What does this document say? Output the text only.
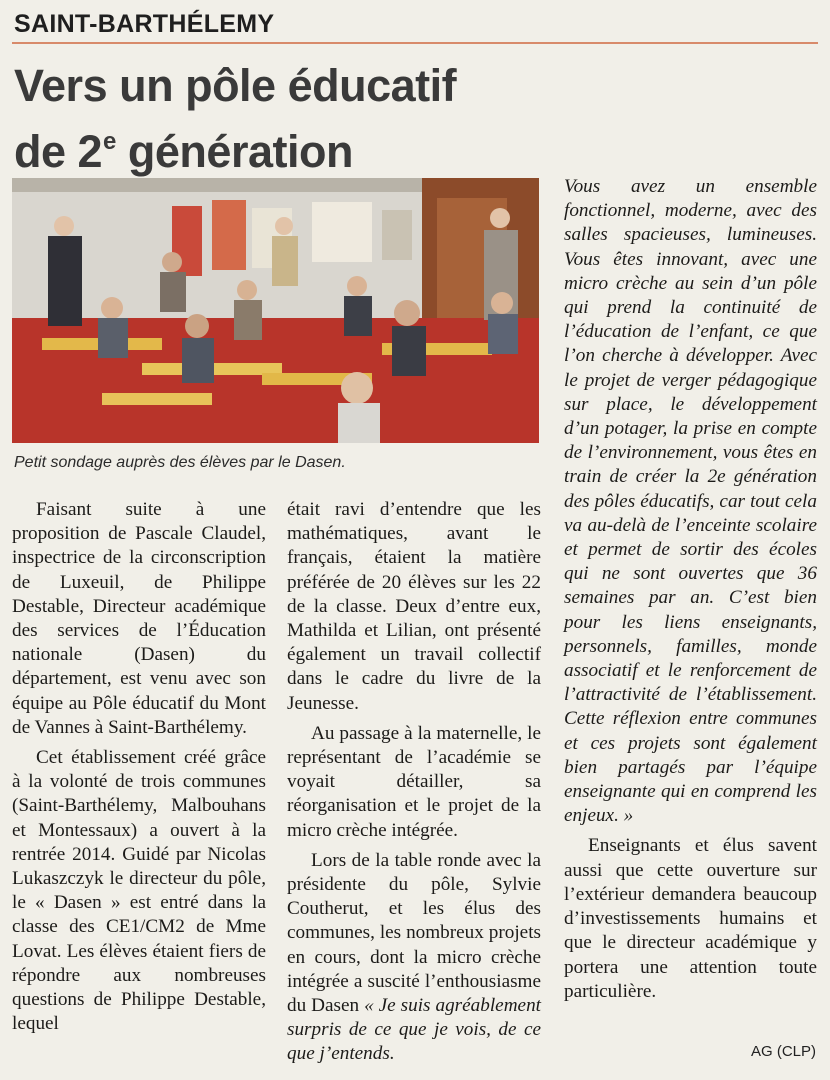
SAINT-BARTHÉLEMY
Vers un pôle éducatif
de 2e génération
Petit sondage auprès des élèves par le Dasen.

Faisant suite à une proposition de Pascale Claudel, inspectrice de la circonscription de Luxeuil, de Philippe Destable, Directeur académique des services de l’Éducation nationale (Dasen) du département, est venu avec son équipe au Pôle éducatif du Mont de Vannes à Saint-Barthélemy.

Cet établissement créé grâce à la volonté de trois communes (Saint-Barthélemy, Malbouhans et Montessaux) a ouvert à la rentrée 2014. Guidé par Nicolas Lukaszczyk le directeur du pôle, le « Dasen » est entré dans la classe des CE1/CM2 de Mme Lovat. Les élèves étaient fiers de répondre aux nombreuses questions de Philippe Destable, lequel

était ravi d’entendre que les mathématiques, avant le français, étaient la matière préférée de 20 élèves sur les 22 de la classe. Deux d’entre eux, Mathilda et Lilian, ont présenté également un travail collectif dans le cadre du livre de la Jeunesse.

Au passage à la maternelle, le représentant de l’académie se voyait détailler, sa réorganisation et le projet de la micro crèche intégrée.

Lors de la table ronde avec la présidente du pôle, Sylvie Coutherut, et les élus des communes, les nombreux projets en cours, dont la micro crèche intégrée a suscité l’enthousiasme du Dasen « Je suis agréablement surpris de ce que je vois, de ce que j’entends.

Vous avez un ensemble fonctionnel, moderne, avec des salles spacieuses, lumineuses. Vous êtes innovant, avec une micro crèche au sein d’un pôle qui prend la continuité de l’éducation de l’enfant, ce que l’on cherche à développer. Avec le projet de verger pédagogique sur place, le développement d’un potager, la prise en compte de l’environnement, vous êtes en train de créer la 2e génération des pôles éducatifs, car tout cela va au-delà de l’enceinte scolaire et permet de sortir des écoles qui ne sont ouvertes que 36 semaines par an. C’est bien pour les liens enseignants, personnels, familles, monde associatif et le renforcement de l’attractivité de l’établissement. Cette réflexion entre communes et ces projets sont également bien partagés par l’équipe enseignante qui en comprend les enjeux. »

Enseignants et élus savent aussi que cette ouverture sur l’extérieur demandera beaucoup d’investissements humains et que le directeur académique y portera une attention toute particulière.

AG (CLP)
